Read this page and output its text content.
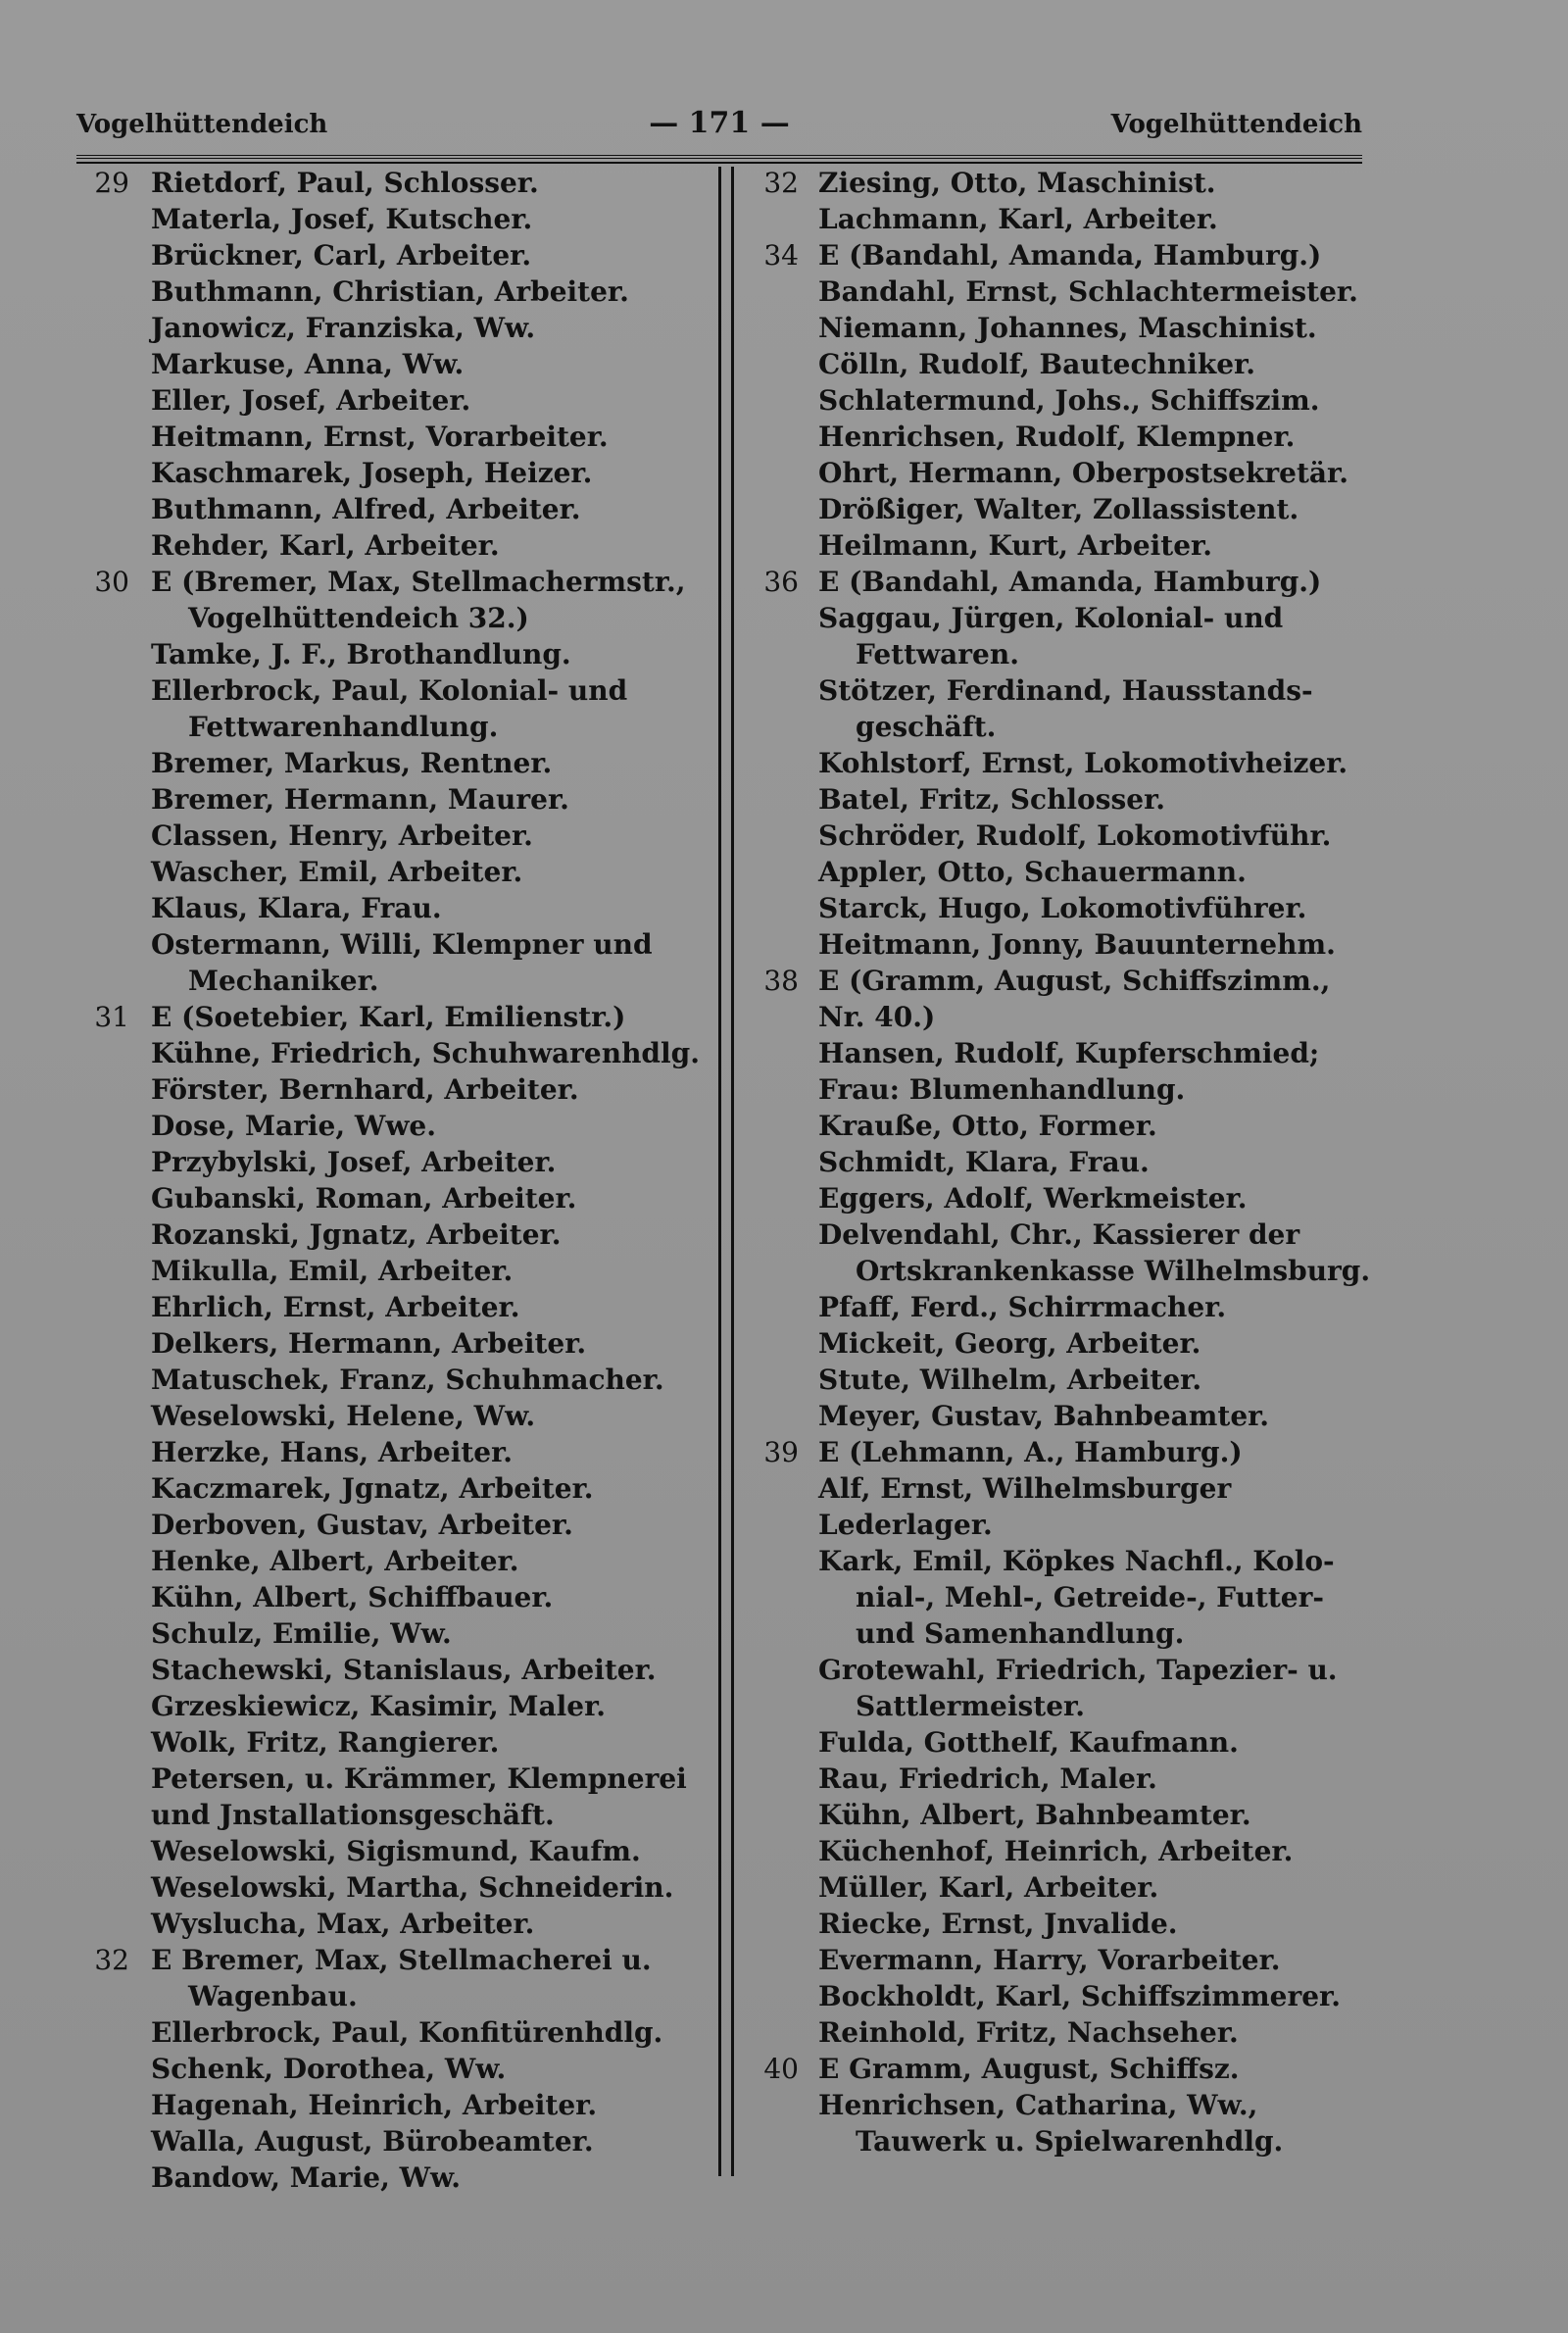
Vogelhüttendeich	— 171 —	Vogelhüttendeich
29 Rietdorf, Paul, Schlosser.
Materla, Josef, Kutscher.
Brückner, Carl, Arbeiter.
Buthmann, Christian, Arbeiter.
Janowicz, Franziska, Ww.
Markuse, Anna, Ww.
Eller, Josef, Arbeiter.
Heitmann, Ernst, Vorarbeiter.
Kaschmarek, Joseph, Heizer.
Buthmann, Alfred, Arbeiter.
Rehder, Karl, Arbeiter.
30 E (Bremer, Max, Stellmachermstr.,
Vogelhüttendeich 32.)
Tamke, J. F., Brothandlung.
Ellerbrock, Paul, Kolonial- und
Fettwarenhandlung.
Bremer, Markus, Rentner.
Bremer, Hermann, Maurer.
Classen, Henry, Arbeiter.
Wascher, Emil, Arbeiter.
Klaus, Klara, Frau.
Ostermann, Willi, Klempner und
Mechaniker.
31 E (Soetebier, Karl, Emilienstr.)
Kühne, Friedrich, Schuhwarenhdlg.
Förster, Bernhard, Arbeiter.
Dose, Marie, Wwe.
Przybylski, Josef, Arbeiter.
Gubanski, Roman, Arbeiter.
Rozanski, Jgnatz, Arbeiter.
Mikulla, Emil, Arbeiter.
Ehrlich, Ernst, Arbeiter.
Delkers, Hermann, Arbeiter.
Matuschek, Franz, Schuhmacher.
Weselowski, Helene, Ww.
Herzke, Hans, Arbeiter.
Kaczmarek, Jgnatz, Arbeiter.
Derboven, Gustav, Arbeiter.
Henke, Albert, Arbeiter.
Kühn, Albert, Schiffbauer.
Schulz, Emilie, Ww.
Stachewski, Stanislaus, Arbeiter.
Grzeskiewicz, Kasimir, Maler.
Wolk, Fritz, Rangierer.
Petersen, u. Krämmer, Klempnerei
und Jnstallationsgeschäft.
Weselowski, Sigismund, Kaufm.
Weselowski, Martha, Schneiderin.
Wyslucha, Max, Arbeiter.
32 E Bremer, Max, Stellmacherei u.
Wagenbau.
Ellerbrock, Paul, Konfitürenhdlg.
Schenk, Dorothea, Ww.
Hagenah, Heinrich, Arbeiter.
Walla, August, Bürobeamter.
Bandow, Marie, Ww.
32 Ziesing, Otto, Maschinist.
Lachmann, Karl, Arbeiter.
34 E (Bandahl, Amanda, Hamburg.)
Bandahl, Ernst, Schlachtermeister.
Niemann, Johannes, Maschinist.
Cölln, Rudolf, Bautechniker.
Schlatermund, Johs., Schiffszim.
Henrichsen, Rudolf, Klempner.
Ohrt, Hermann, Oberpostsekretär.
Drößiger, Walter, Zollassistent.
Heilmann, Kurt, Arbeiter.
36 E (Bandahl, Amanda, Hamburg.)
Saggau, Jürgen, Kolonial- und
Fettwaren.
Stötzer, Ferdinand, Hausstands-
geschäft.
Kohlstorf, Ernst, Lokomotivheizer.
Batel, Fritz, Schlosser.
Schröder, Rudolf, Lokomotivführ.
Appler, Otto, Schauermann.
Starck, Hugo, Lokomotivführer.
Heitmann, Jonny, Bauunternehm.
38 E (Gramm, August, Schiffszimm.,
Nr. 40.)
Hansen, Rudolf, Kupferschmied;
Frau: Blumenhandlung.
Krauße, Otto, Former.
Schmidt, Klara, Frau.
Eggers, Adolf, Werkmeister.
Delvendahl, Chr., Kassierer der
Ortskrankenkasse Wilhelmsburg.
Pfaff, Ferd., Schirrmacher.
Mickeit, Georg, Arbeiter.
Stute, Wilhelm, Arbeiter.
Meyer, Gustav, Bahnbeamter.
39 E (Lehmann, A., Hamburg.)
Alf, Ernst, Wilhelmsburger
Lederlager.
Kark, Emil, Köpkes Nachfl., Kolo-
nial-, Mehl-, Getreide-, Futter-
und Samenhandlung.
Grotewahl, Friedrich, Tapezier- u.
Sattlermeister.
Fulda, Gotthelf, Kaufmann.
Rau, Friedrich, Maler.
Kühn, Albert, Bahnbeamter.
Küchenhof, Heinrich, Arbeiter.
Müller, Karl, Arbeiter.
Riecke, Ernst, Jnvalide.
Evermann, Harry, Vorarbeiter.
Bockholdt, Karl, Schiffszimmerer.
Reinhold, Fritz, Nachseher.
40 E Gramm, August, Schiffsz.
Henrichsen, Catharina, Ww.,
Tauwerk u. Spielwarenhdlg.
